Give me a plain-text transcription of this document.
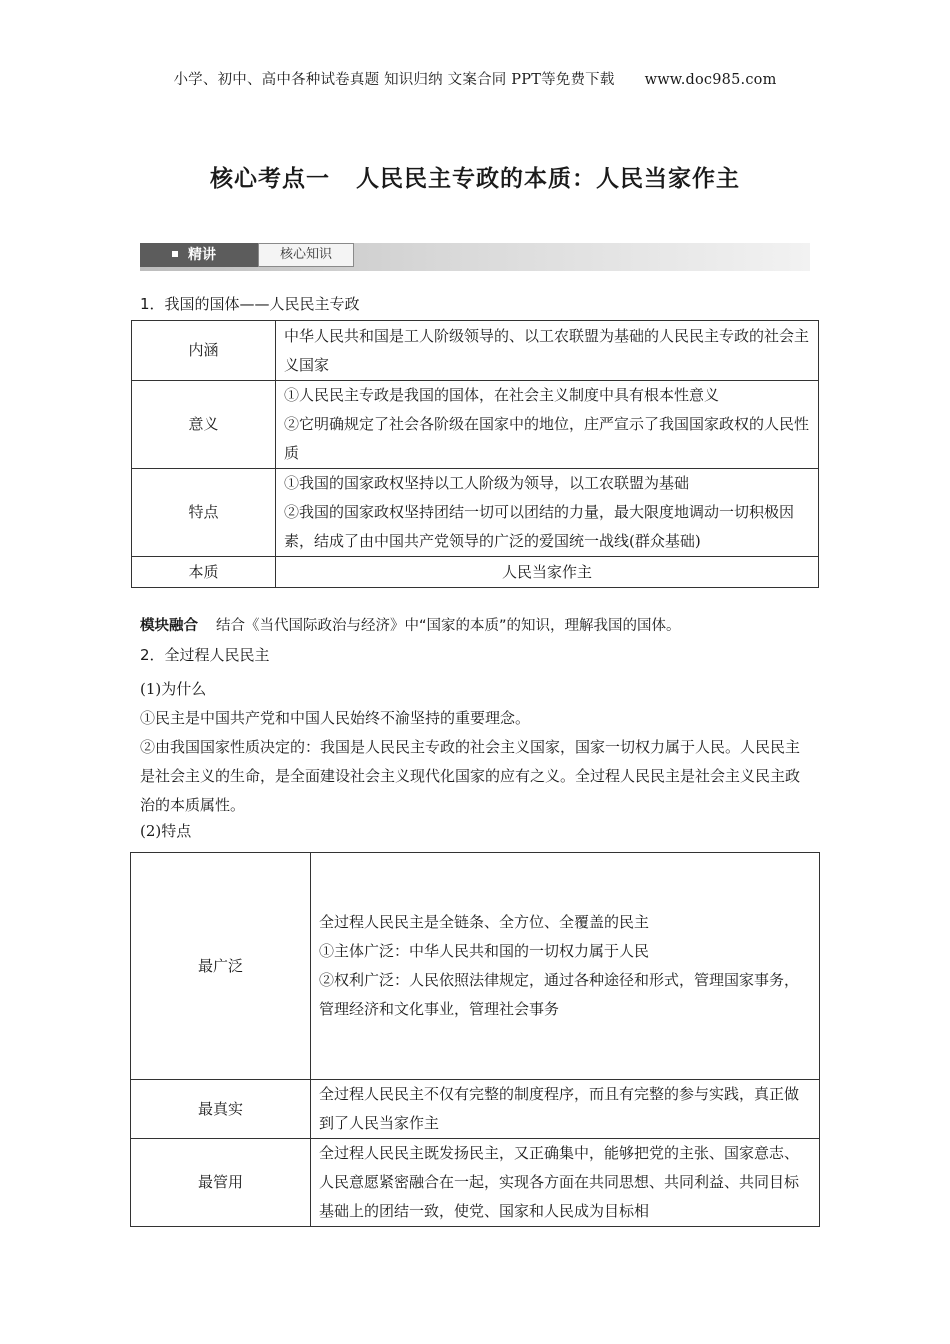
小学、初中、高中各种试卷真题 知识归纳 文案合同 PPT等免费下载 www.doc985.com
核心考点一 人民民主专政的本质：人民当家作主
精讲	核心知识
1．我国的国体——人民民主专政
内涵	中华人民共和国是工人阶级领导的、以工农联盟为基础的人民民主专政的社会主义国家

意义	①人民民主专政是我国的国体，在社会主义制度中具有根本性意义
②它明确规定了社会各阶级在国家中的地位，庄严宣示了我国国家政权的人民性质

特点	①我国的国家政权坚持以工人阶级为领导，以工农联盟为基础
②我国的国家政权坚持团结一切可以团结的力量，最大限度地调动一切积极因素，结成了由中国共产党领导的广泛的爱国统一战线(群众基础)

本质	人民当家作主
模块融合 结合《当代国际政治与经济》中“国家的本质”的知识，理解我国的国体。
2．全过程人民民主
(1)为什么
①民主是中国共产党和中国人民始终不渝坚持的重要理念。
②由我国国家性质决定的：我国是人民民主专政的社会主义国家，国家一切权力属于人民。人民民主是社会主义的生命，是全面建设社会主义现代化国家的应有之义。全过程人民民主是社会主义民主政治的本质属性。
(2)特点
最广泛	全过程人民民主是全链条、全方位、全覆盖的民主
①主体广泛：中华人民共和国的一切权力属于人民
②权利广泛：人民依照法律规定，通过各种途径和形式，管理国家事务，管理经济和文化事业，管理社会事务

最真实	全过程人民民主不仅有完整的制度程序，而且有完整的参与实践，真正做到了人民当家作主

最管用	全过程人民民主既发扬民主，又正确集中，能够把党的主张、国家意志、人民意愿紧密融合在一起，实现各方面在共同思想、共同利益、共同目标基础上的团结一致，使党、国家和人民成为目标相
